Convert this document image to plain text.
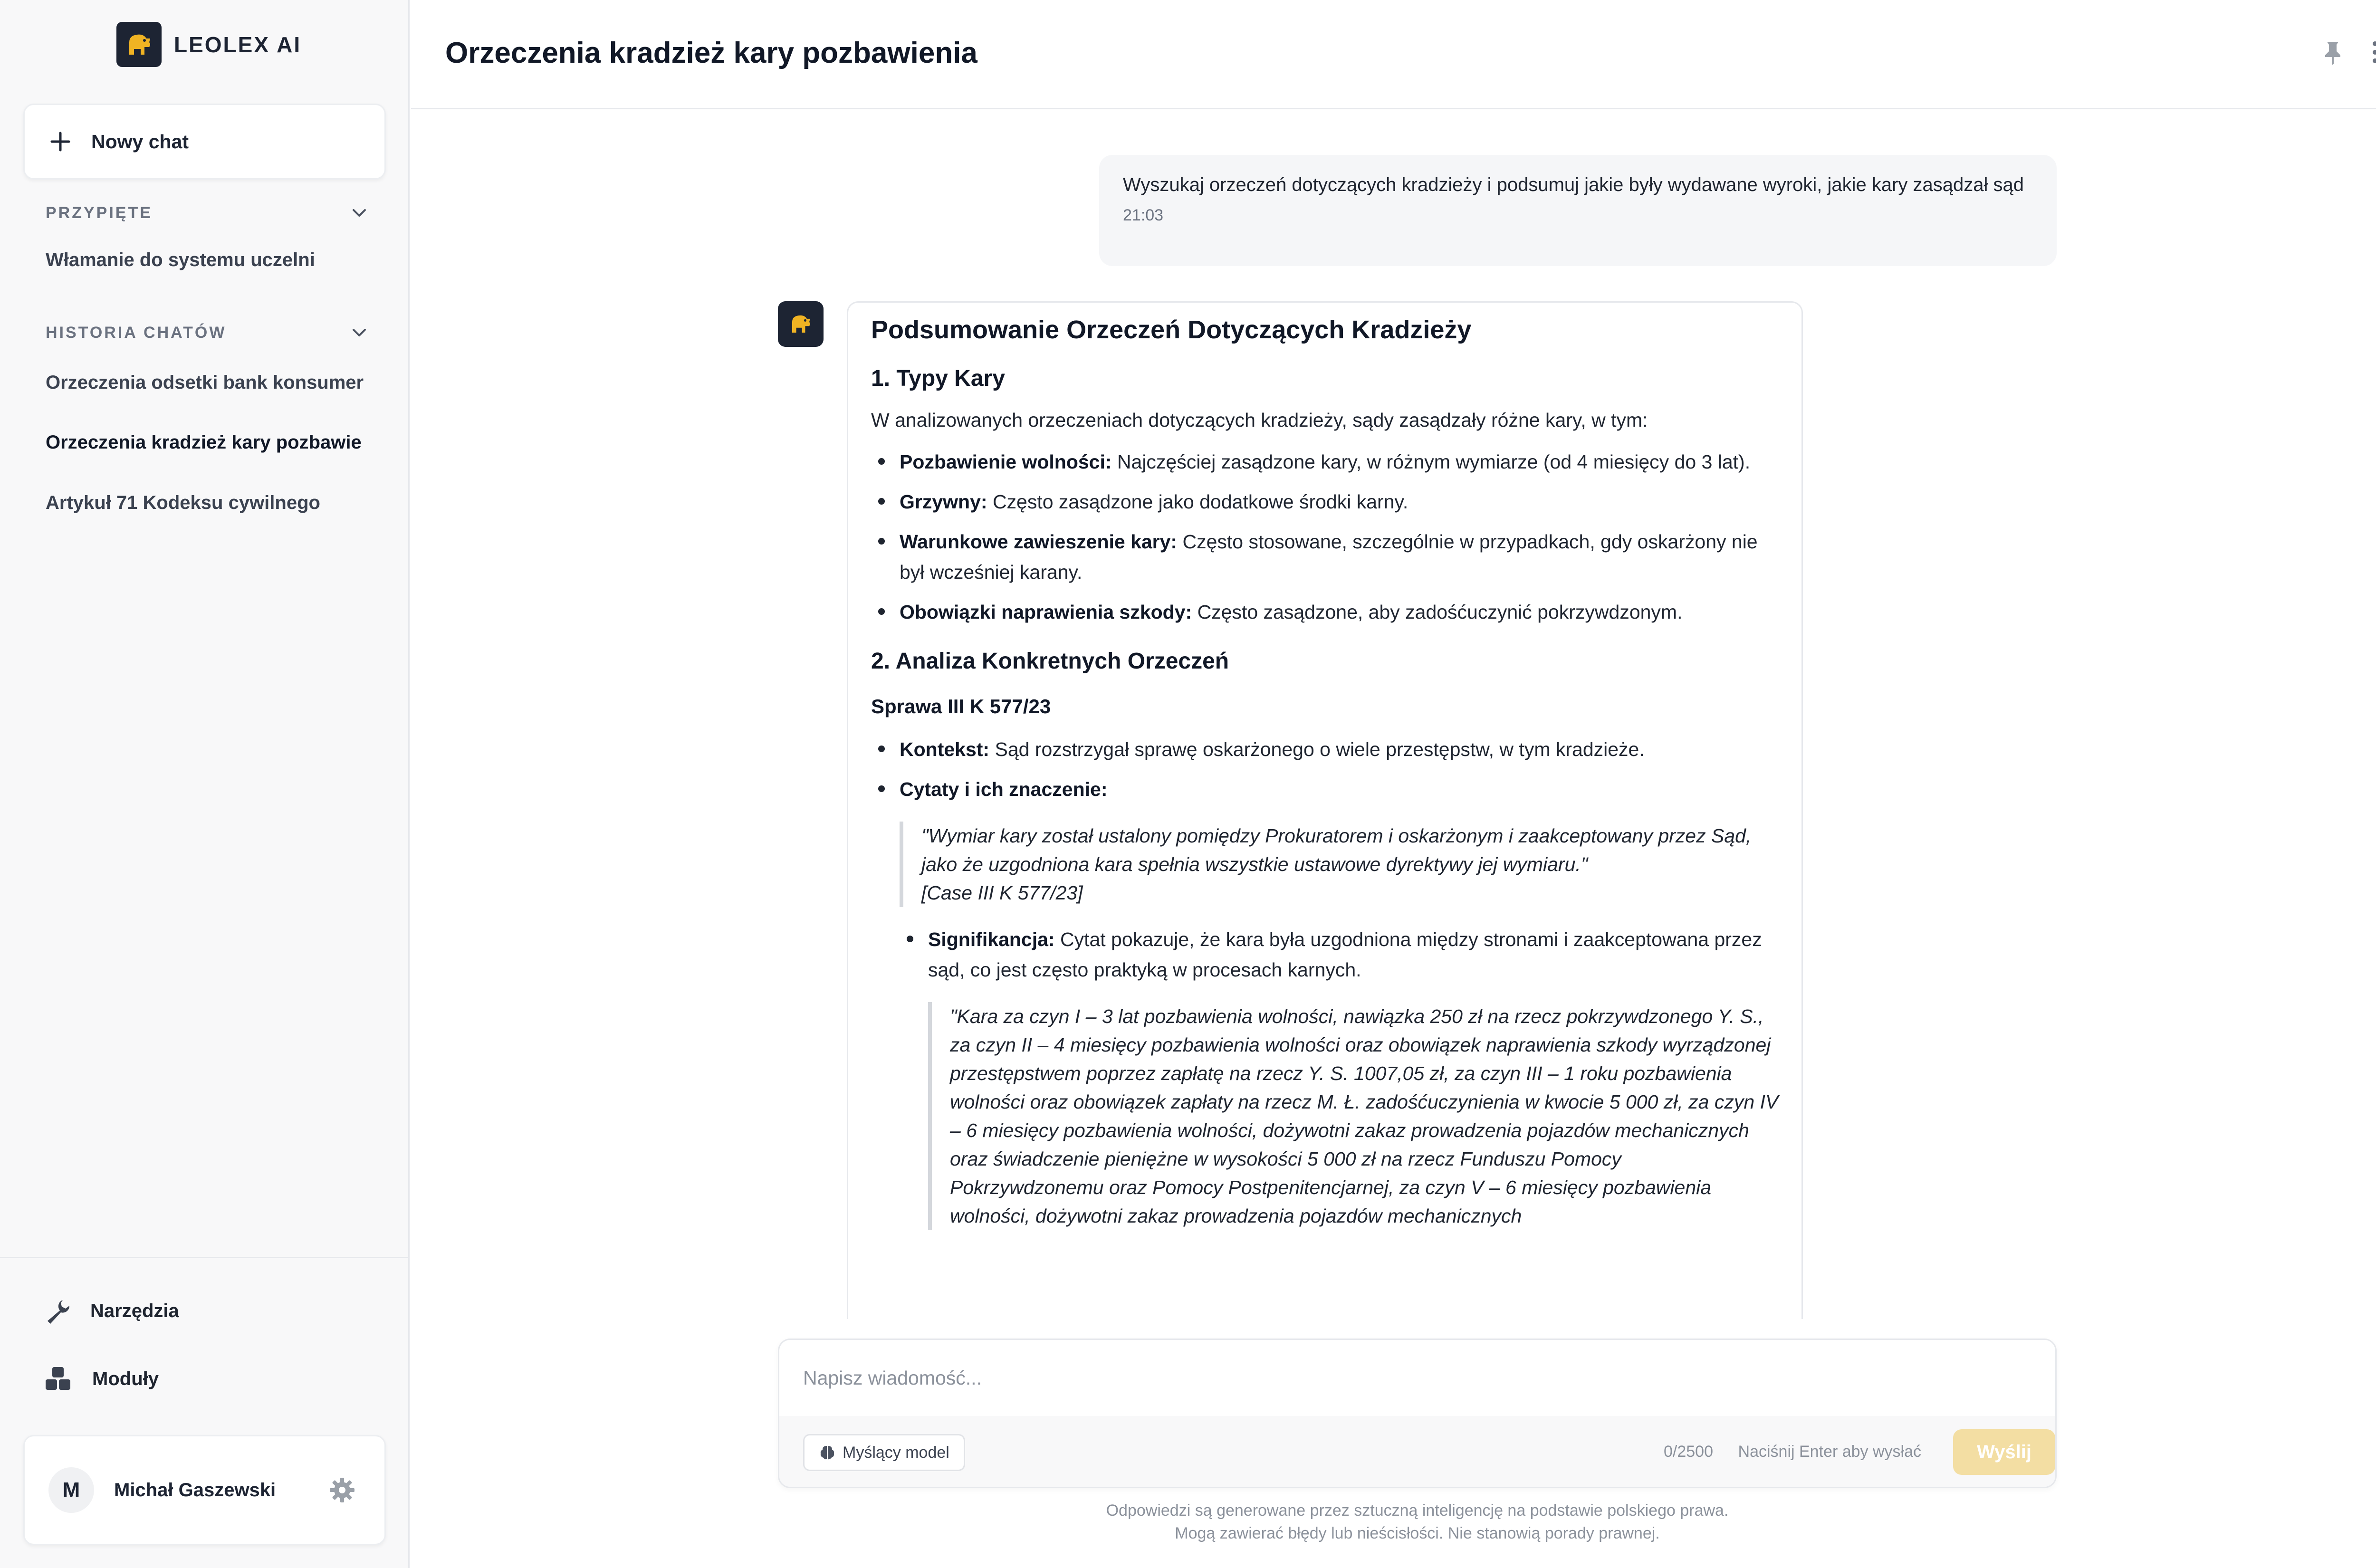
LEOLEX AI
Nowy chat
PRZYPIĘTE
Włamanie do systemu uczelni
HISTORIA CHATÓW
Orzeczenia odsetki bank konsumer
Orzeczenia kradzież kary pozbawie
Artykuł 71 Kodeksu cywilnego
Narzędzia
Moduły
M	Michał Gaszewski
Orzeczenia kradzież kary pozbawienia
Wyszukaj orzeczeń dotyczących kradzieży i podsumuj jakie były wydawane wyroki, jakie kary zasądzał sąd
21:03
Podsumowanie Orzeczeń Dotyczących Kradzieży
1. Typy Kary

W analizowanych orzeczeniach dotyczących kradzieży, sądy zasądzały różne kary, w tym:

Pozbawienie wolności: Najczęściej zasądzone kary, w różnym wymiarze (od 4 miesięcy do 3 lat).
Grzywny: Często zasądzone jako dodatkowe środki karny.
Warunkowe zawieszenie kary: Często stosowane, szczególnie w przypadkach, gdy oskarżony nie był wcześniej karany.
Obowiązki naprawienia szkody: Często zasądzone, aby zadośćuczynić pokrzywdzonym.
2. Analiza Konkretnych Orzeczeń
Sprawa III K 577/23
Kontekst: Sąd rozstrzygał sprawę oskarżonego o wiele przestępstw, w tym kradzieże.
Cytaty i ich znaczenie:
"Wymiar kary został ustalony pomiędzy Prokuratorem i oskarżonym i zaakceptowany przez Sąd, jako że uzgodniona kara spełnia wszystkie ustawowe dyrektywy jej wymiaru."
[Case III K 577/23]
Signifikancja: Cytat pokazuje, że kara była uzgodniona między stronami i zaakceptowana przez sąd, co jest często praktyką w procesach karnych.
"Kara za czyn I – 3 lat pozbawienia wolności, nawiązka 250 zł na rzecz pokrzywdzonego Y. S., za czyn II – 4 miesięcy pozbawienia wolności oraz obowiązek naprawienia szkody wyrządzonej przestępstwem poprzez zapłatę na rzecz Y. S. 1007,05 zł, za czyn III – 1 roku pozbawienia wolności oraz obowiązek zapłaty na rzecz M. Ł. zadośćuczynienia w kwocie 5 000 zł, za czyn IV – 6 miesięcy pozbawienia wolności, dożywotni zakaz prowadzenia pojazdów mechanicznych oraz świadczenie pieniężne w wysokości 5 000 zł na rzecz Funduszu Pomocy Pokrzywdzonemu oraz Pomocy Postpenitencjarnej, za czyn V – 6 miesięcy pozbawienia wolności, dożywotni zakaz prowadzenia pojazdów mechanicznych
Napisz wiadomość...
Myślący model	0/2500 Naciśnij Enter aby wysłać	Wyślij
Odpowiedzi są generowane przez sztuczną inteligencję na podstawie polskiego prawa.
Mogą zawierać błędy lub nieścisłości. Nie stanowią porady prawnej.
